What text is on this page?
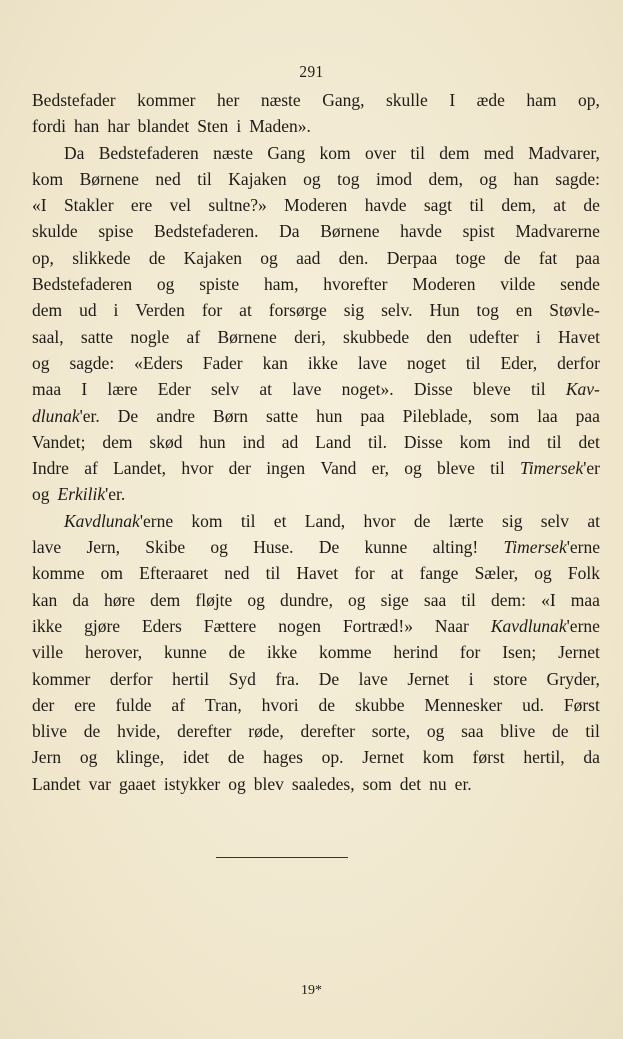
291
Bedstefader kommer her næste Gang, skulle I æde ham op,
fordi han har blandet Sten i Maden».
Da Bedstefaderen næste Gang kom over til dem med Madvarer,
kom Børnene ned til Kajaken og tog imod dem, og han sagde:
«I Stakler ere vel sultne?» Moderen havde sagt til dem, at de
skulde spise Bedstefaderen. Da Børnene havde spist Madvarerne
op, slikkede de Kajaken og aad den. Derpaa toge de fat paa
Bedstefaderen og spiste ham, hvorefter Moderen vilde sende
dem ud i Verden for at forsørge sig selv. Hun tog en Støvle-
saal, satte nogle af Børnene deri, skubbede den udefter i Havet
og sagde: «Eders Fader kan ikke lave noget til Eder, derfor
maa I lære Eder selv at lave noget». Disse bleve til Kav-
dlunak'er. De andre Børn satte hun paa Pileblade, som laa paa
Vandet; dem skød hun ind ad Land til. Disse kom ind til det
Indre af Landet, hvor der ingen Vand er, og bleve til Timersek'er
og Erkilik'er.
Kavdlunak'erne kom til et Land, hvor de lærte sig selv at
lave Jern, Skibe og Huse. De kunne alting! Timersek'erne
komme om Efteraaret ned til Havet for at fange Sæler, og Folk
kan da høre dem fløjte og dundre, og sige saa til dem: «I maa
ikke gjøre Eders Fættere nogen Fortræd!» Naar Kavdlunak'erne
ville herover, kunne de ikke komme herind for Isen; Jernet
kommer derfor hertil Syd fra. De lave Jernet i store Gryder,
der ere fulde af Tran, hvori de skubbe Mennesker ud. Først
blive de hvide, derefter røde, derefter sorte, og saa blive de til
Jern og klinge, idet de hages op. Jernet kom først hertil, da
Landet var gaaet istykker og blev saaledes, som det nu er.
19*
